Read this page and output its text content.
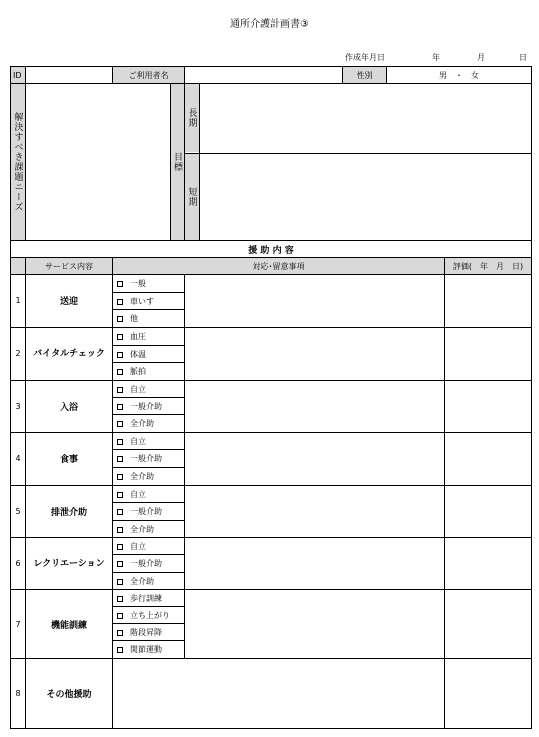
通所介護計画書③
作成年月日	年	月	日
ID	ご利用者名	性別	男　・　女
解決すべき課題ニーズ	目標
長期
短期
援 助 内 容
サービス内容	対応･留意事項	評価(　年　月　日)
1	送迎
一般
車いす
他
2	バイタルチェック
血圧
体温
脈拍
3	入浴
自立
一般介助
全介助
4	食事
自立
一般介助
全介助
5	排泄介助
自立
一般介助
全介助
6	レクリエーション
自立
一般介助
全介助
7	機能訓練
歩行訓練
立ち上がり
階段昇降
関節運動
8	その他援助
